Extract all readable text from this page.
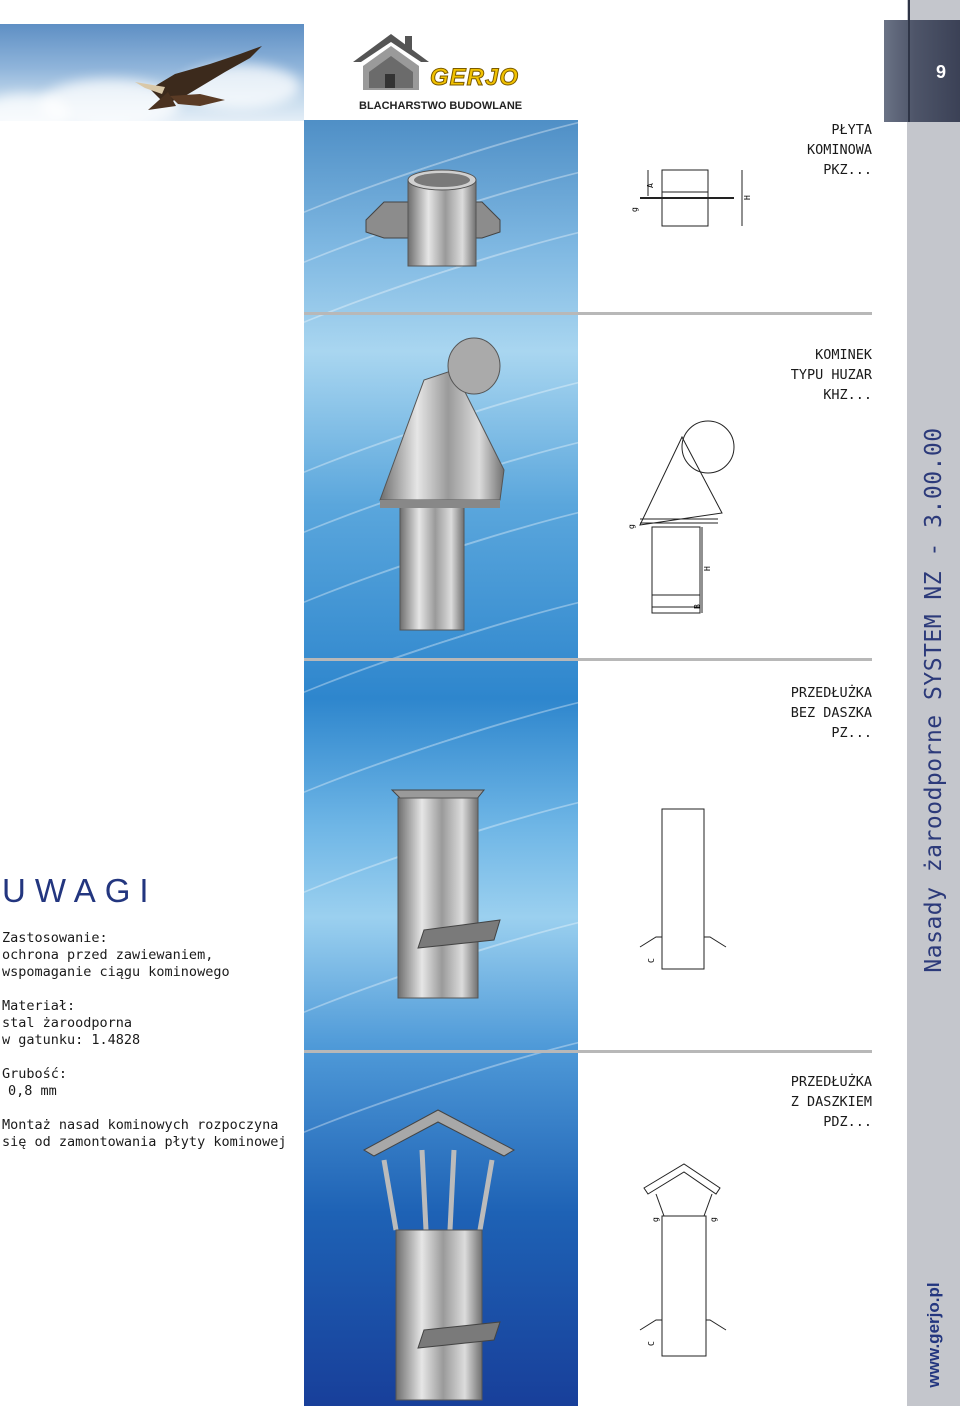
GERJO
BLACHARSTWO BUDOWLANE
PŁYTA
KOMINOWA
PKZ...
KOMINEK
TYPU HUZAR
KHZ...
PRZEDŁUŻKA
BEZ DASZKA
PZ...
PRZEDŁUŻKA
Z DASZKIEM
PDZ...
A
g
H
g
H
B
C
g	g
C
UWAGI
Zastosowanie:
ochrona przed zawiewaniem,
wspomaganie ciągu kominowego
Materiał:
stal żaroodporna
w gatunku: 1.4828
Grubość:
0,8 mm
Montaż nasad kominowych rozpoczyna
się od zamontowania płyty kominowej
9
Nasady żaroodporne SYSTEM NZ - 3.00.00
www.gerjo.pl
